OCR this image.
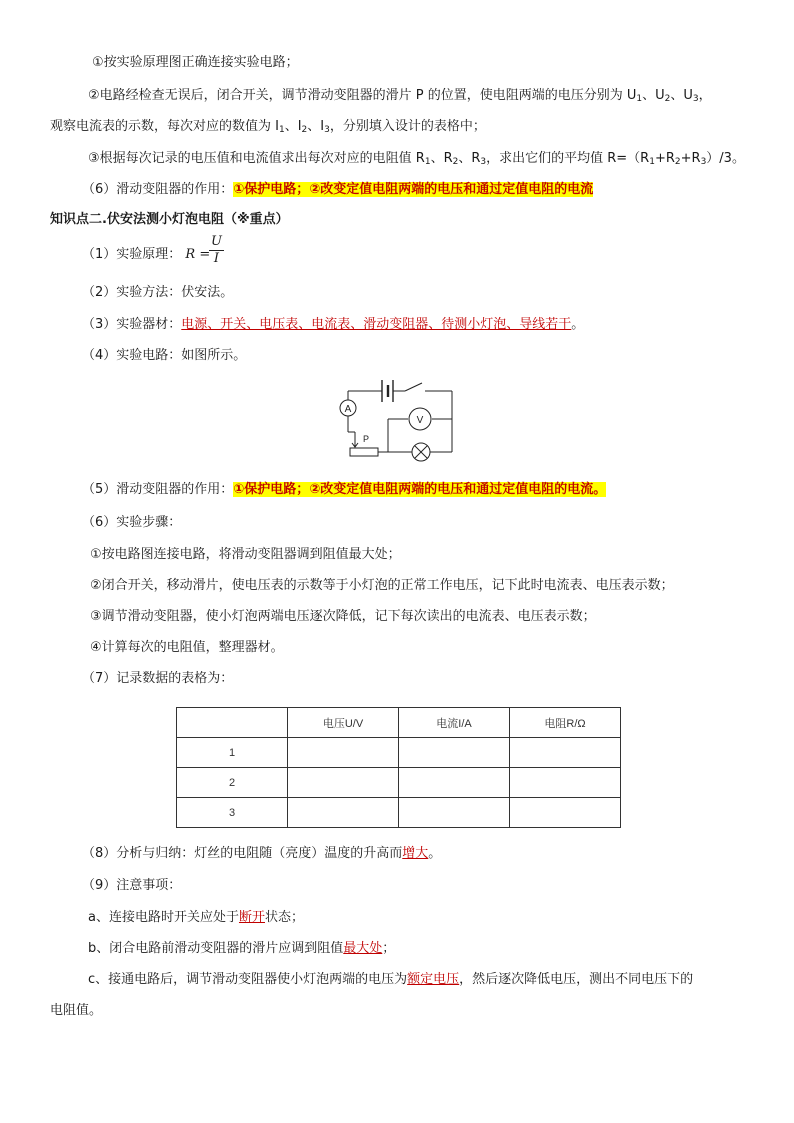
①按实验原理图正确连接实验电路；
②电路经检查无误后，闭合开关，调节滑动变阻器的滑片 P 的位置，使电阻两端的电压分别为 $U_1$、$U_2$、$U_3$，
观察电流表的示数，每次对应的数值为 $I_1$、$I_2$、$I_3$，分别填入设计的表格中；
③根据每次记录的电压值和电流值求出每次对应的电阻值 $R_1$、$R_2$、$R_3$，求出它们的平均值 $R=(R_1+R_2+R_3)/3$。
（6）滑动变阻器的作用：①保护电路；②改变定值电阻两端的电压和通过定值电阻的电流
知识点二.伏安法测小灯泡电阻（※重点）
（1）实验原理： R =
$\frac{U}{I}$
（2）实验方法：伏安法。
（3）实验器材：电源、开关、电压表、电流表、滑动变阻器、待测小灯泡、导线若干。
（4）实验电路：如图所示。
A
V
P
（5）滑动变阻器的作用：①保护电路；②改变定值电阻两端的电压和通过定值电阻的电流。
（6）实验步骤：
①按电路图连接电路，将滑动变阻器调到阻值最大处；
②闭合开关，移动滑片，使电压表的示数等于小灯泡的正常工作电压，记下此时电流表、电压表示数；
③调节滑动变阻器，使小灯泡两端电压逐次降低，记下每次读出的电流表、电压表示数；
④计算每次的电阻值，整理器材。
（7）记录数据的表格为：
	电压U/V	电流I/A	电阻R/Ω
1			
2			
3			
（8）分析与归纳：灯丝的电阻随（亮度）温度的升高而增大。
（9）注意事项：
a、连接电路时开关应处于断开状态；
b、闭合电路前滑动变阻器的滑片应调到阻值最大处；
c、接通电路后，调节滑动变阻器使小灯泡两端的电压为额定电压，然后逐次降低电压，测出不同电压下的
电阻值。
